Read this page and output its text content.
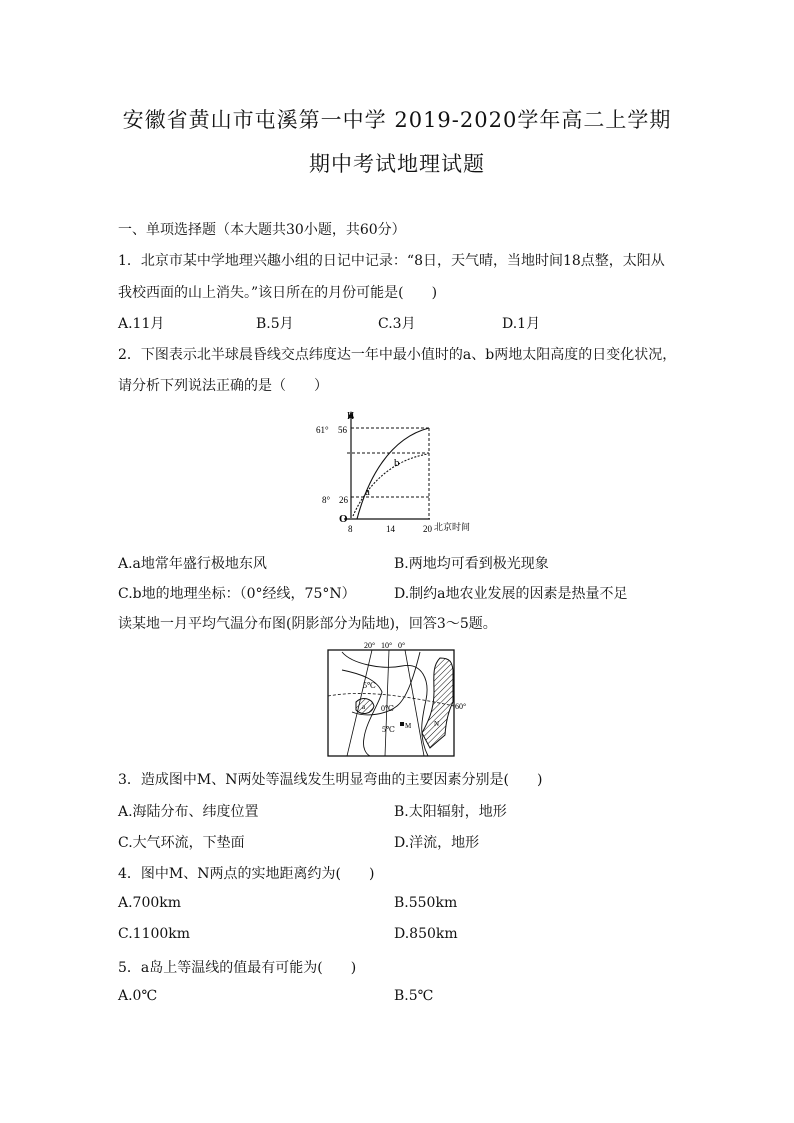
安徽省黄山市屯溪第一中学 2019-2020学年高二上学期
期中考试地理试题
一、单项选择题（本大题共30小题，共60分）
1．北京市某中学地理兴趣小组的日记中记录：“8日，天气晴，当地时间18点整，太阳从
我校西面的山上消失。”该日所在的月份可能是(　　)
A.11月	B.5月	C.3月	D.1月
2．下图表示北半球晨昏线交点纬度达一年中最小值时的a、b两地太阳高度的日变化状况，
请分析下列说法正确的是（　　）
H
61° 56
8° 26
O
8	14	20 北京时间
a
b
A.a地常年盛行极地东风	B.两地均可看到极光现象
C.b地的地理坐标：（0°经线，75°N）	D.制约a地农业发展的因素是热量不足
读某地一月平均气温分布图(阴影部分为陆地)，回答3～5题。
20° 10° 0°
60°
5℃
0℃
5℃
a
M	N
3．造成图中M、N两处等温线发生明显弯曲的主要因素分别是(　　)
A.海陆分布、纬度位置	B.太阳辐射，地形
C.大气环流，下垫面	D.洋流，地形
4．图中M、N两点的实地距离约为(　　)
A.700km	B.550km
C.1100km	D.850km
5．a岛上等温线的值最有可能为(　　)
A.0℃	B.5℃
